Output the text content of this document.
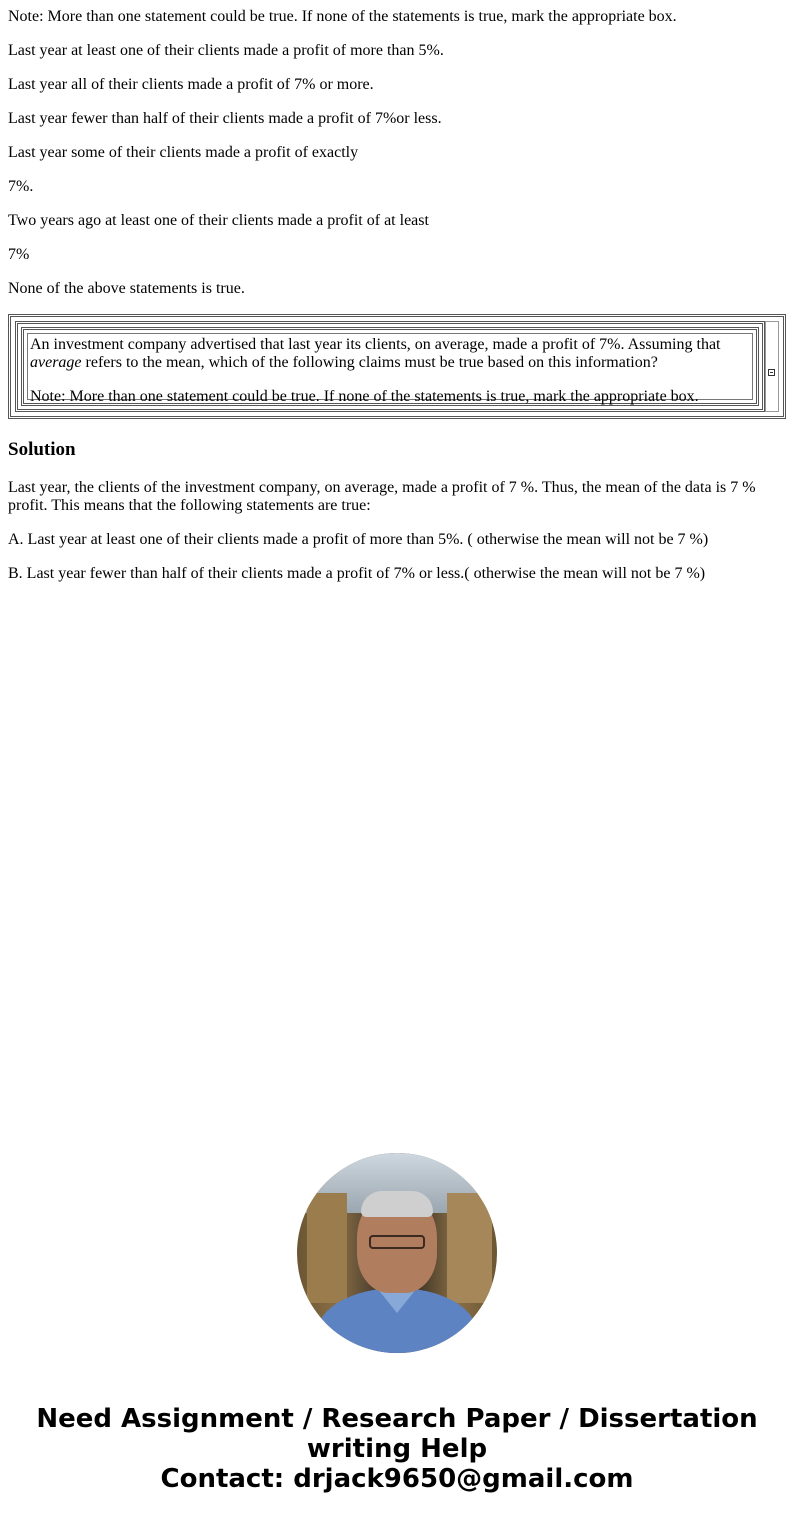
Note: More than one statement could be true. If none of the statements is true, mark the appropriate box.

Last year at least one of their clients made a profit of more than 5%.

Last year all of their clients made a profit of 7% or more.

Last year fewer than half of their clients made a profit of 7%or less.

Last year some of their clients made a profit of exactly

7%.

Two years ago at least one of their clients made a profit of at least

7%

None of the above statements is true.

An investment company advertised that last year its clients, on average, made a profit of 7%. Assuming that average refers to the mean, which of the following claims must be true based on this information?

Note: More than one statement could be true. If none of the statements is true, mark the appropriate box.

Solution

Last year, the clients of the investment company, on average, made a profit of 7 %. Thus, the mean of the data is 7 % profit. This means that the following statements are true:

A. Last year at least one of their clients made a profit of more than 5%. ( otherwise the mean will not be 7 %)

B. Last year fewer than half of their clients made a profit of 7% or less.( otherwise the mean will not be 7 %)

Need Assignment / Research Paper / Dissertation
writing Help
Contact: drjack9650@gmail.com
